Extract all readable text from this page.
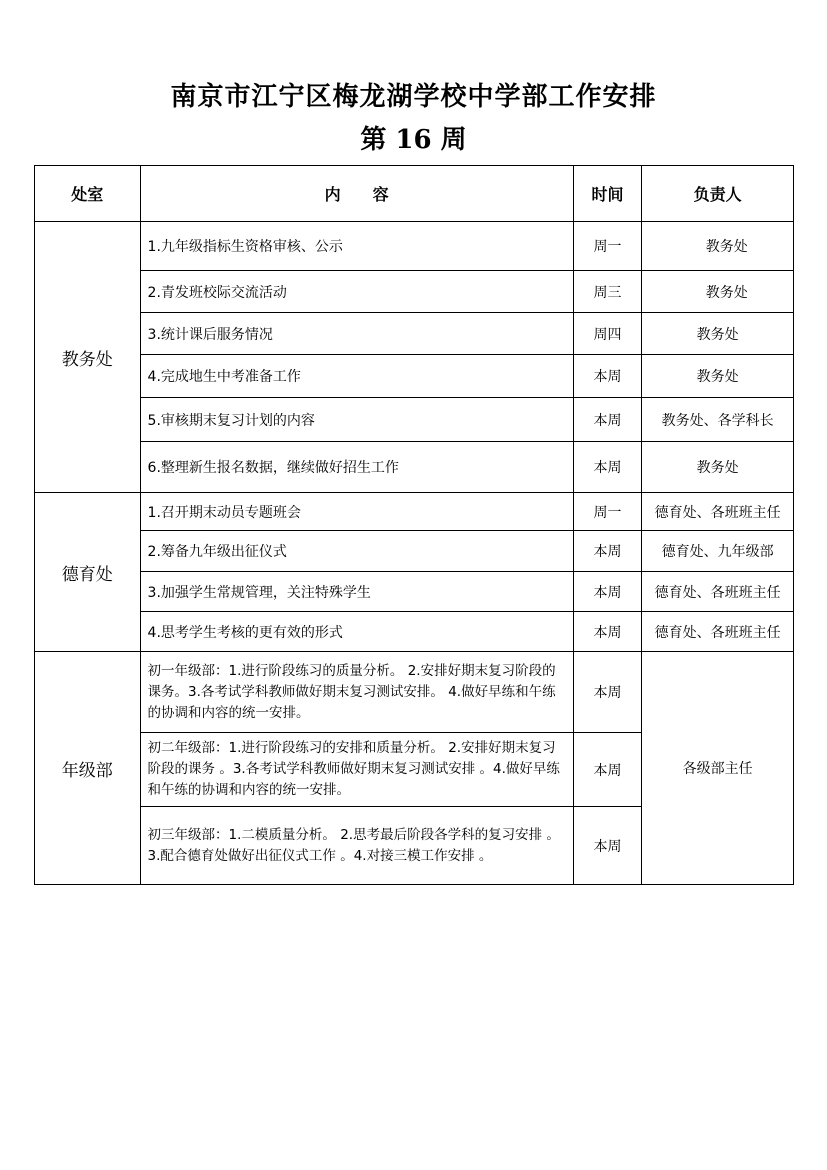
南京市江宁区梅龙湖学校中学部工作安排
第 16 周
处室	内　　容	时间	负责人
教务处	1.九年级指标生资格审核、公示	周一	　 教务处
	2.青发班校际交流活动	周三	　 教务处
	3.统计课后服务情况	周四	教务处
	4.完成地生中考准备工作	本周	教务处
	5.审核期末复习计划的内容	本周	教务处、各学科长
	6.整理新生报名数据，继续做好招生工作	本周	教务处
德育处	1.召开期末动员专题班会	周一	德育处、各班班主任
	2.筹备九年级出征仪式	本周	德育处、九年级部
	3.加强学生常规管理，关注特殊学生	本周	德育处、各班班主任
	4.思考学生考核的更有效的形式	本周	德育处、各班班主任
年级部	初一年级部：1.进行阶段练习的质量分析。 2.安排好期末复习阶段的课务。3.各考试学科教师做好期末复习测试安排。 4.做好早练和午练的协调和内容的统一安排。	本周	各级部主任
	初二年级部：1.进行阶段练习的安排和质量分析。 2.安排好期末复习阶段的课务 。3.各考试学科教师做好期末复习测试安排 。4.做好早练和午练的协调和内容的统一安排。	本周	
	初三年级部：1.二模质量分析。 2.思考最后阶段各学科的复习安排 。3.配合德育处做好出征仪式工作 。4.对接三模工作安排 。	本周	
